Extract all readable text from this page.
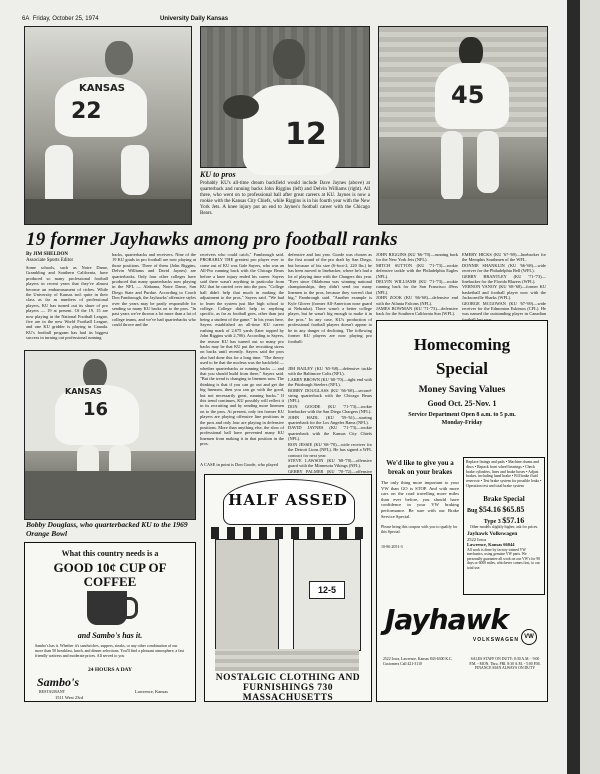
6A Friday, October 25, 1974	University Daily Kansas
KANSAS
22
12
45
KU to pros
Probably KU's all-time dream backfield would include Dave Jaynes (above) at quarterback and running backs John Riggins (left) and Delvin Williams (right). All three, who went on to professional ball after great careers at KU. Jaynes is now a rookie with the Kansas City Chiefs, while Riggins is in his fourth year with the New York Jets. A knee injury put an end to Jaynes's football career with the Chicago Bears.
19 former Jayhawks among pro football ranks
By JIM SHELDON
Associate Sports Editor
Some schools, such as Notre Dame, Grambling and Southern California, have produced so many professional football players in recent years that they've almost become an embarrassment of riches. While the University of Kansas isn't quite in their class as far as numbers of professional players, KU has turned out its share of pro players — 19 at present. Of the 19, 15 are now playing in the National Football League, five are in the new World Football League, and one KU gridder is playing in Canada. KU's football program has had its biggest success in turning out professional running
backs, quarterbacks and receivers. Nine of the 19 KU grads in pro football are now playing at those positions. Three of them (John Riggins, Delvin Williams and David Jaynes) are quarterbacks. Only four other colleges have produced that many quarterbacks now playing in the NFL — Alabama, Notre Dame, San Diego State and Purdue. According to Coach Don Fambrough, the Jayhawks' offensive styles over the years may be partly responsible for sending so many KU backs on to the pros. "In past years we've thrown a lot more than a lot of college teams, and we've had quarterbacks who could throve and the
receivers who could catch," Fambrough said. PROBABLY THE greatest pro player ever to come out of KU was Gale Sayers, who was an All-Pro running back with the Chicago Bears before a knee injury ended his career. Sayers said there wasn't anything in particular from KU that he carried over into the pros. "College ball didn't help that much in making the adjustment to the pros," Sayers said. "We had to learn the system just like high school to college. College didn't help in anything specific, as far as football goes, other than just being a student of the game." In his years here, Sayers established an all-time KU career rushing mark of 2,675 yards (later topped by John Riggins with 2,706). According to Sayers, the reason KU has turned out so many pro backs may be that KU put the recruiting stress on backs until recently. Sayers said the pros also had done this for a long time. "The theory used to be that the nucleus was the backfield — whether quarterbacks or running backs — and that you should build from there," Sayers said. "But the trend is changing to linemen now. The thinking is that if you can go out and get the big linemen, then you can go with the good, but not necessarily great, running backs." If this trend continues, KU possibly will reflect it in its recruiting and by sending more linemen on to the pros. At present, only ten former KU players are playing offensive line positions in the pros and only four are playing in defensive positions. More than anything else, the slow of professional ball have prevented many KU linemen from making it in that position in the pros.
defensive and last year. Goode was chosen as the first round of the pro draft by San Diego, but because of his size (6-foot-2, 220 lbs.) he has been moved to linebacker, where he's had a lot of playing time with the Chargers this year. "Ever since Oklahoma was winning national championships, they didn't send too many linemen to the pros, because they weren't that big," Fambrough said. "Another example is Kyle Glover (former All-American nose guard at Nebraska). There wasn't a better college player, but he wasn't big enough to make it in the pros." In any case, KU's production of professional football players doesn't appear to be in any danger of declining. The following former KU players are now playing pro football:
JIM BAILEY (KU '65-'68)—defensive tackle with the Baltimore Colts (NFL).
LARRY BROWN (KU '68-'70)—tight end with the Pittsburgh Steelers (NFL).
BOBBY DOUGLASS (KU '66-'68)—second-string quarterback with the Chicago Bears (NFL).
DON GOODE (KU '71-'73)—rookie linebacker with the San Diego Chargers (NFL).
JOHN HADL (KU '59-'61)—starting quarterback for the Los Angeles Rams (NFL).
DAVID JAYNES (KU '71-'73)—rookie quarterback with the Kansas City Chiefs (NFL).
RON JESSIE (KU '68-'70)—wide receiver for the Detroit Lions (NFL). He has signed a WFL contract for next year.
STEVE LAWSON (KU '68-'70)—offensive guard with the Minnesota Vikings (NFL).
GERRY PALMER (KU '70-'72)—offensive
A CASE in point is Don Goode, who played
JOHN RIGGINS (KU '66-'70)—running back for the New York Jets (NFL).
MITCH SUTTON (KU '71-'73)—rookie defensive tackle with the Philadelphia Eagles (NFL).
DELVIN WILLIAMS (KU '71-'73)—rookie running back for the San Francisco 49ers (NFL).
JOHN ZOOK (KU '66-'68)—defensive end with the Atlanta Falcons (NFL).
JAMES BOWMAN (KU '71-'73)—defensive back for the Southern California Sun (WFL).
EMERY HICKS (KU '67-'69)—linebacker for the Memphis Southmen of the WFL.
DONNIE SHANKLIN (KU '66-'68)—wide receiver for the Philadelphia Bell (WFL).
GERRY BRANTLEY (KU '71-'73)—linebacker for the Florida Blazers (WFL).
VERNON VANOY (KU '68-'68)—former KU basketball and football player now with the Jacksonville Sharks (WFL).
GEORGE MCGOWAN (KU '67-'69)—wide receiver for the Edmonton Eskimos (CFL). He was named the outstanding player in Canadian
KANSAS
16
Bobby Douglass, who quarterbacked KU to the 1969 Orange Bowl
What this country needs is a
GOOD 10¢ CUP OF COFFEE
and Sambo's has it.
Sambo's has it. Whether it's sandwiches, suppers, steaks, or any other combination of our more than 50 breakfast, lunch, and dinner selections. You'll find a pleasant atmosphere, a fast friendly waitress and moderate prices. All served to you
24 HOURS A DAY
Sambo's
RESTAURANT
1511 West 23rd
Lawrence, Kansas
HALF ASSED
12-5
NOSTALGIC CLOTHING AND FURNISHINGS 730 MASSACHUSETTS
Homecoming
Special
Money Saving Values
Good Oct. 25-Nov. 1
Service Department Open 8 a.m. to 5 p.m.
Monday-Friday
We'd like to give you a break on your brakes
The only thing more important to your VW than GO is STOP. And with more cars on the road travelling more miles than ever before, you should have confidence in your VW braking performance. Be sure with our Brake Service Special.
Please bring this coupon with you to qualify for this Special.
10-86 2051-3
Replace linings and pads • Machine drums and discs • Repack front wheel bearings • Check brake cylinders, lines and brake hoses • Adjust brakes, including hand brake • Fill brake fluid reservoir • Test brake system for possible leaks • Operation test and total brake system
Brake Special
Bug $54.16 $65.85
Type 3 $57.16
Other models slightly higher, ask for prices.
Jayhawk Volkswagen
2522 Iowa
Lawrence, Kansas 66044
All work is done by factory trained VW mechanics, using genuine VW parts. We personally guarantee all work on our VW's for 90 days or 6000 miles, whichever comes first, to our total use.
Jayhawk
VOLKSWAGEN VW
2522 Iowa, Lawrence, Kansas 843-6300 K.C. Customers Call 421-3110
SALES STAFF ON DUTY: 8:30 A.M. - 9:00 P.M. - MON. Thru. FRI. 8:30 A.M. - 5:00 P.M. FINANCE MAN ALWAYS ON DUTY
